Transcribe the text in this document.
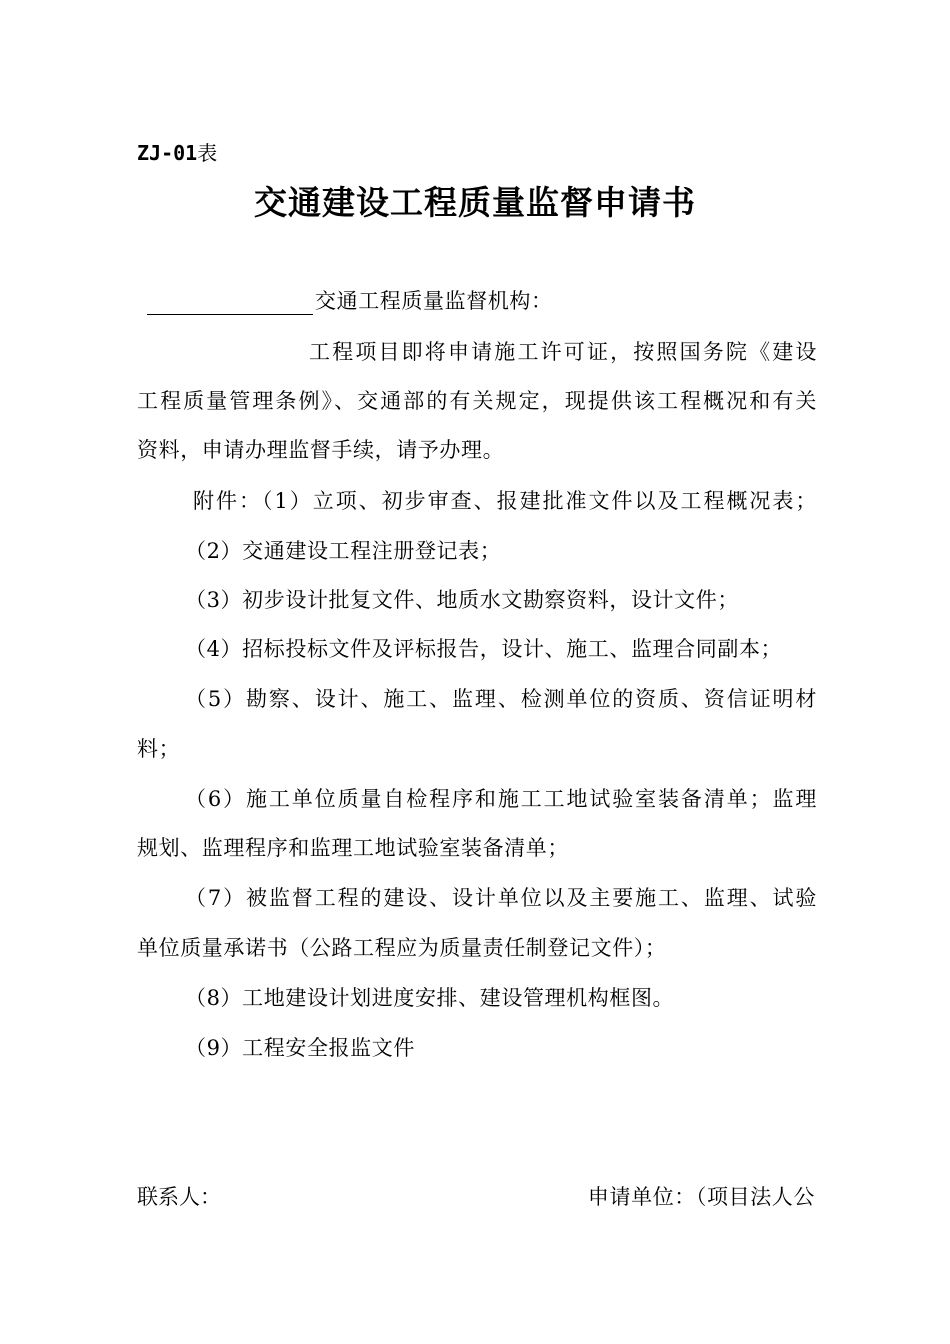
ZJ-01表
交通建设工程质量监督申请书
交通工程质量监督机构：
工程项目即将申请施工许可证，按照国务院《建设
工程质量管理条例》、交通部的有关规定，现提供该工程概况和有关
资料，申请办理监督手续，请予办理。
附件：（1）立项、初步审查、报建批准文件以及工程概况表；
（2）交通建设工程注册登记表；
（3）初步设计批复文件、地质水文勘察资料，设计文件；
（4）招标投标文件及评标报告，设计、施工、监理合同副本；
（5）勘察、设计、施工、监理、检测单位的资质、资信证明材
料；
（6）施工单位质量自检程序和施工工地试验室装备清单；监理
规划、监理程序和监理工地试验室装备清单；
（7）被监督工程的建设、设计单位以及主要施工、监理、试验
单位质量承诺书（公路工程应为质量责任制登记文件）；
（8）工地建设计划进度安排、建设管理机构框图。
（9）工程安全报监文件
联系人：	申请单位：（项目法人公
